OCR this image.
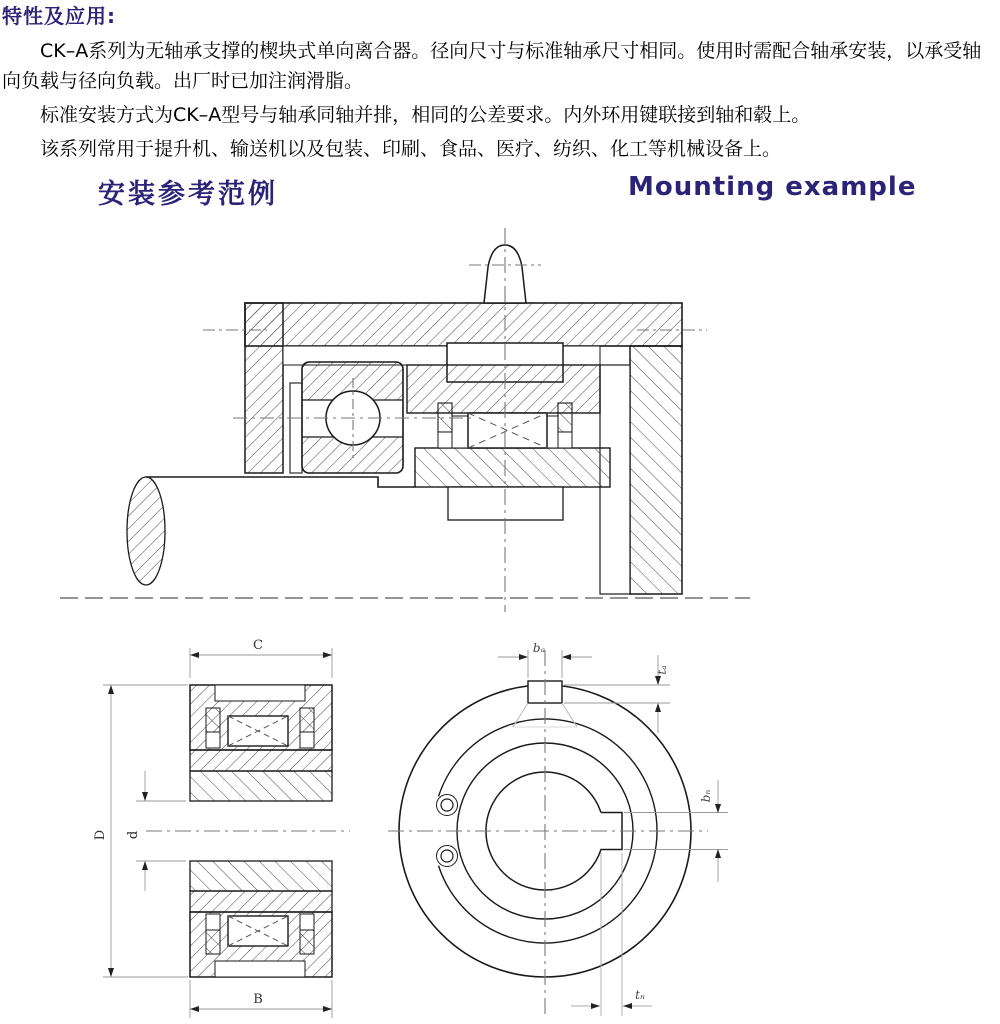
特性及应用:

CK–A系列为无轴承支撑的楔块式单向离合器。径向尺寸与标准轴承尺寸相同。使用时需配合轴承安装，以承受轴向负载与径向负载。出厂时已加注润滑脂。

标准安装方式为CK–A型号与轴承同轴并排，相同的公差要求。内外环用键联接到轴和毂上。

该系列常用于提升机、输送机以及包装、印刷、食品、医疗、纺织、化工等机械设备上。

安装参考范例	Mounting example
C
D d
B
bₐ
tₐ
bₙ
tₙ
